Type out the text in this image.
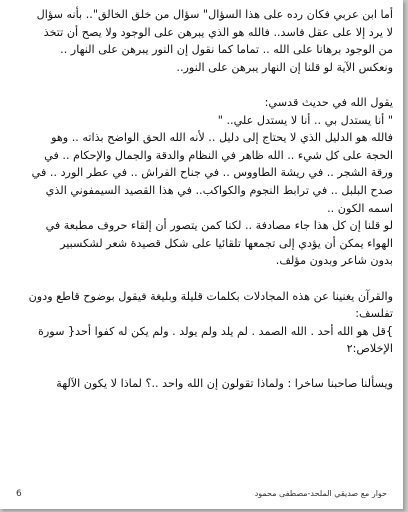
أما ابن عربي فكان رده على هذا السؤال" سؤال من خلق الخالق".. بأنه سؤال
لا يرد إلا على عقل فاسد.. فالله هو الذي يبرهن على الوجود ولا يصح أن تتخذ
من الوجود برهانا على الله .. تماما كما نقول إن النور يبرهن على النهار ..
ونعكس الآية لو قلنا إن النهار يبرهن على النور..
يقول الله في حديث قدسي:
" أنا يستدل بي .. أنا لا يستدل علي.. "
فالله هو الدليل الذي لا يحتاج إلى دليل .. لأنه الله الحق الواضح بذاته .. وهو
الحجة على كل شيء .. الله ظاهر في النظام والدقة والجمال والإحكام .. في
ورقة الشجر .. في ريشة الطاووس .. في جناح الفراش .. في عطر الورد .. في
صدح البلبل .. في ترابط النجوم والكواكب.. في هذا القصيد السيمفوني الذي
اسمه الكون ..
لو قلنا إن كل هذا جاء مصادفة .. لكنا كمن يتصور أن إلقاء حروف مطبعة في
الهواء يمكن أن يؤدي إلى تجمعها تلقائيا على شكل قصيدة شعر لشكسبير
بدون شاعر وبدون مؤلف.
والقرآن يغنينا عن هذه المجادلات بكلمات قليلة وبليغة فيقول بوضوح قاطع ودون
تفلسف:
}قل هو الله أحد . الله الصمد . لم يلد ولم يولد . ولم يكن له كفوا أحد{ سورة
الإخلاص:٢
ويسألنا صاحبنا ساخرا : ولماذا تقولون إن الله واحد ..؟ لماذا لا يكون الآلهة
حوار مع صديقي الملحد-مصطفى محمود
6
